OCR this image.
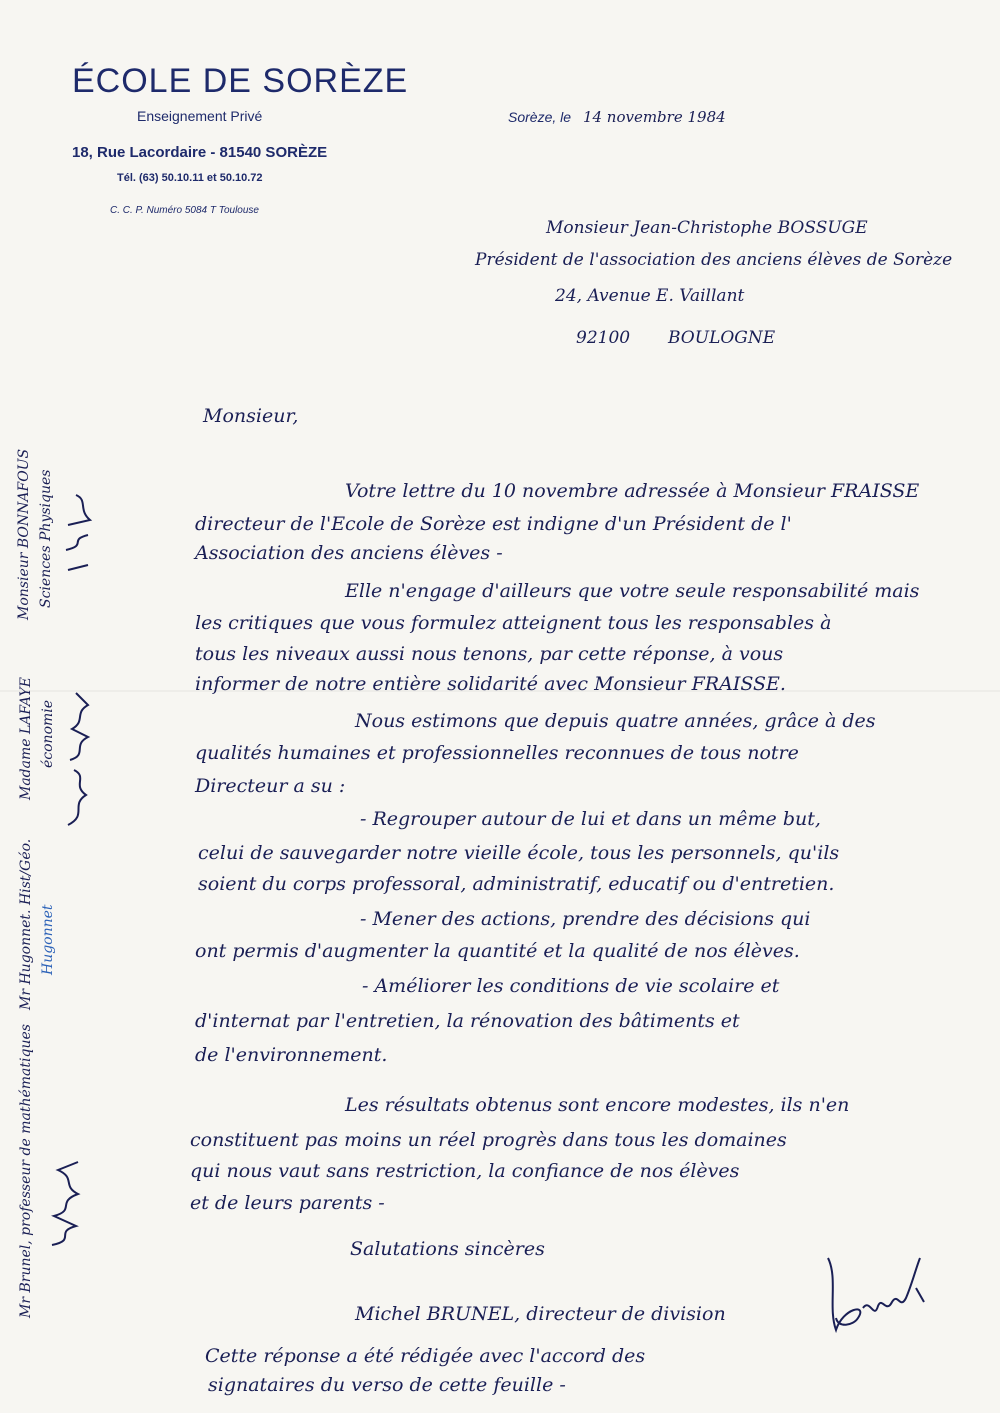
ÉCOLE DE SORÈZE
Enseignement Privé
18, Rue Lacordaire - 81540 SORÈZE
Tél. (63) 50.10.11 et 50.10.72
C. C. P. Numéro 5084 T Toulouse
Sorèze, le 14 novembre 1984
Monsieur Jean-Christophe BOSSUGE
Président de l'association des anciens élèves de Sorèze
24, Avenue E. Vaillant
92100 BOULOGNE
Monsieur,
Votre lettre du 10 novembre adressée à Monsieur FRAISSE
directeur de l'Ecole de Sorèze est indigne d'un Président de l'
Association des anciens élèves -
Elle n'engage d'ailleurs que votre seule responsabilité mais
les critiques que vous formulez atteignent tous les responsables à
tous les niveaux aussi nous tenons, par cette réponse, à vous
informer de notre entière solidarité avec Monsieur FRAISSE.
Nous estimons que depuis quatre années, grâce à des
qualités humaines et professionnelles reconnues de tous notre
Directeur a su :
- Regrouper autour de lui et dans un même but,
celui de sauvegarder notre vieille école, tous les personnels, qu'ils
soient du corps professoral, administratif, educatif ou d'entretien.
- Mener des actions, prendre des décisions qui
ont permis d'augmenter la quantité et la qualité de nos élèves.
- Améliorer les conditions de vie scolaire et
d'internat par l'entretien, la rénovation des bâtiments et
de l'environnement.
Les résultats obtenus sont encore modestes, ils n'en
constituent pas moins un réel progrès dans tous les domaines
qui nous vaut sans restriction, la confiance de nos élèves
et de leurs parents -
Salutations sincères
Michel BRUNEL, directeur de division
Cette réponse a été rédigée avec l'accord des
signataires du verso de cette feuille -
Monsieur BONNAFOUS Sciences Physiques
Madame LAFAYE économie
Mr Hugonnet. Hist/Géo. Hugonnet
Mr Brunel, professeur de mathématiques
